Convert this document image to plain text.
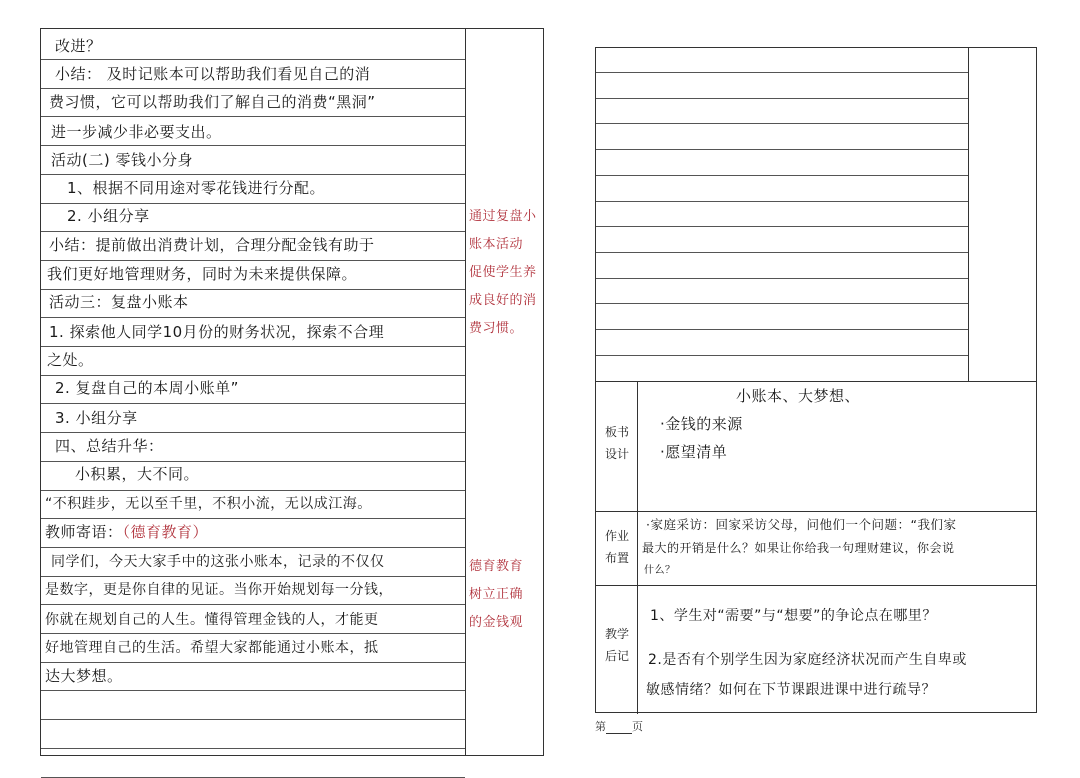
改进？
小结： 及时记账本可以帮助我们看见自己的消
费习惯，它可以帮助我们了解自己的消费“黑洞”
进一步减少非必要支出。
活动(二) 零钱小分身
1、根据不同用途对零花钱进行分配。
2. 小组分享
小结：提前做出消费计划，合理分配金钱有助于
我们更好地管理财务，同时为未来提供保障。
活动三：复盘小账本
1. 探索他人同学10月份的财务状况，探索不合理
之处。
2. 复盘自己的本周小账单”
3. 小组分享
四、总结升华：
小积累，大不同。
“不积跬步，无以至千里，不积小流，无以成江海。
教师寄语：（德育教育）
同学们，今天大家手中的这张小账本，记录的不仅仅
是数字，更是你自律的见证。当你开始规划每一分钱，
你就在规划自己的人生。懂得管理金钱的人，才能更
好地管理自己的生活。希望大家都能通过小账本，抵
达大梦想。
通过复盘小
账本活动
促使学生养
成良好的消
费习惯。
德育教育
树立正确
的金钱观
板书
设计
小账本、大梦想、
·金钱的来源
·愿望清单
作业
布置
·家庭采访：回家采访父母，问他们一个问题：“我们家
最大的开销是什么？如果让你给我一句理财建议，你会说
什么？
教学
后记
1、学生对“需要”与“想要”的争论点在哪里？
2.是否有个别学生因为家庭经济状况而产生自卑或
敏感情绪？如何在下节课跟进课中进行疏导？
第 页
